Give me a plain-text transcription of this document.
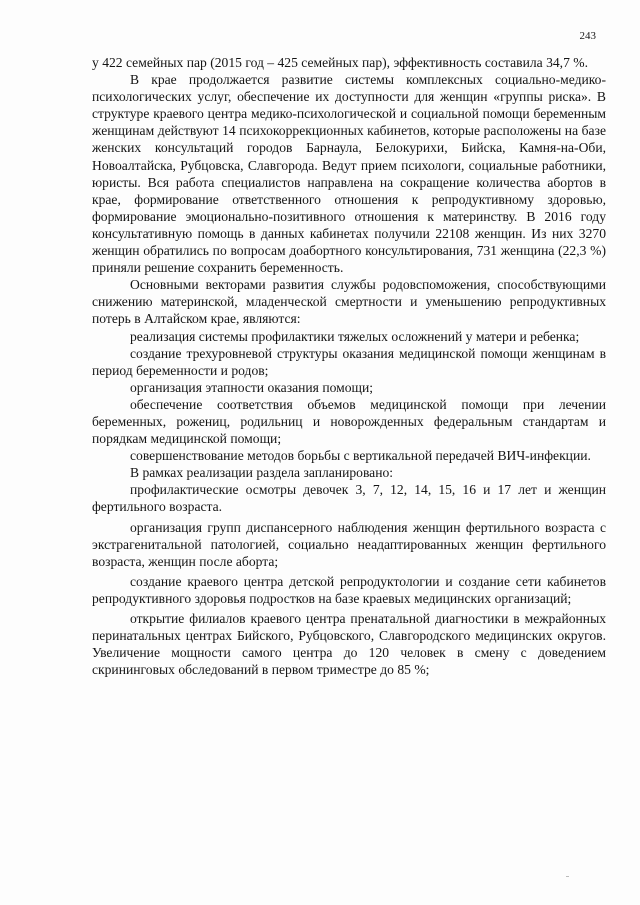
243

у 422 семейных пар (2015 год – 425 семейных пар), эффективность составила 34,7 %.

В крае продолжается развитие системы комплексных социально-медико-психологических услуг, обеспечение их доступности для женщин «группы риска». В структуре краевого центра медико-психологической и социальной помощи беременным женщинам действуют 14 психокоррекционных кабинетов, которые расположены на базе женских консультаций городов Барнаула, Белокурихи, Бийска, Камня-на-Оби, Новоалтайска, Рубцовска, Славгорода. Ведут прием психологи, социальные работники, юристы. Вся работа специалистов направлена на сокращение количества абортов в крае, формирование ответственного отношения к репродуктивному здоровью, формирование эмоционально-позитивного отношения к материнству. В 2016 году консультативную помощь в данных кабинетах получили 22108 женщин. Из них 3270 женщин обратились по вопросам доабортного консультирования, 731 женщина (22,3 %) приняли решение сохранить беременность.

Основными векторами развития службы родовспоможения, способствующими снижению материнской, младенческой смертности и уменьшению репродуктивных потерь в Алтайском крае, являются:

реализация системы профилактики тяжелых осложнений у матери и ребенка;

создание трехуровневой структуры оказания медицинской помощи женщинам в период беременности и родов;

организация этапности оказания помощи;

обеспечение соответствия объемов медицинской помощи при лечении беременных, рожениц, родильниц и новорожденных федеральным стандартам и порядкам медицинской помощи;

совершенствование методов борьбы с вертикальной передачей ВИЧ-инфекции.

В рамках реализации раздела запланировано:

профилактические осмотры девочек 3, 7, 12, 14, 15, 16 и 17 лет и женщин фертильного возраста.

организация групп диспансерного наблюдения женщин фертильного возраста с экстрагенитальной патологией, социально неадаптированных женщин фертильного возраста, женщин после аборта;

создание краевого центра детской репродуктологии и создание сети кабинетов репродуктивного здоровья подростков на базе краевых медицинских организаций;

открытие филиалов краевого центра пренатальной диагностики в межрайонных перинатальных центрах Бийского, Рубцовского, Славгородского медицинских округов. Увеличение мощности самого центра до 120 человек в смену с доведением скрининговых обследований в первом триместре до 85 %;
